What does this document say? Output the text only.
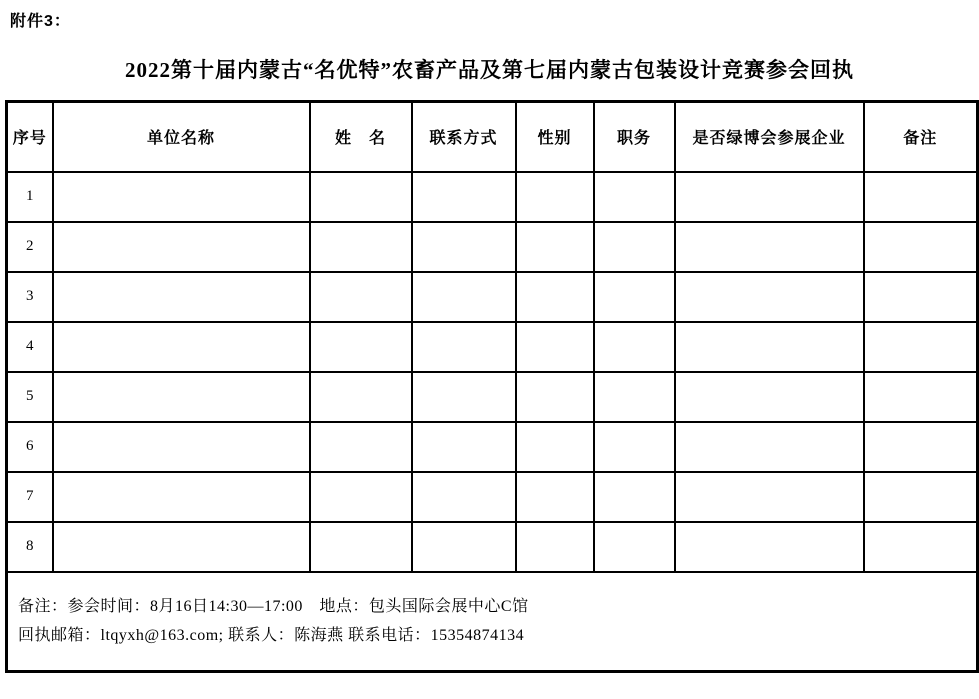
附件3：
2022第十届内蒙古“名优特”农畜产品及第七届内蒙古包装设计竞赛参会回执
序号	单位名称	姓　名	联系方式	性别	职务	是否绿博会参展企业	备注
1							
2							
3							
4							
5							
6							
7							
8							

备注：参会时间：8月16日14:30—17:00　地点：包头国际会展中心C馆
回执邮箱：ltqyxh@163.com; 联系人：陈海燕 联系电话：15354874134							
